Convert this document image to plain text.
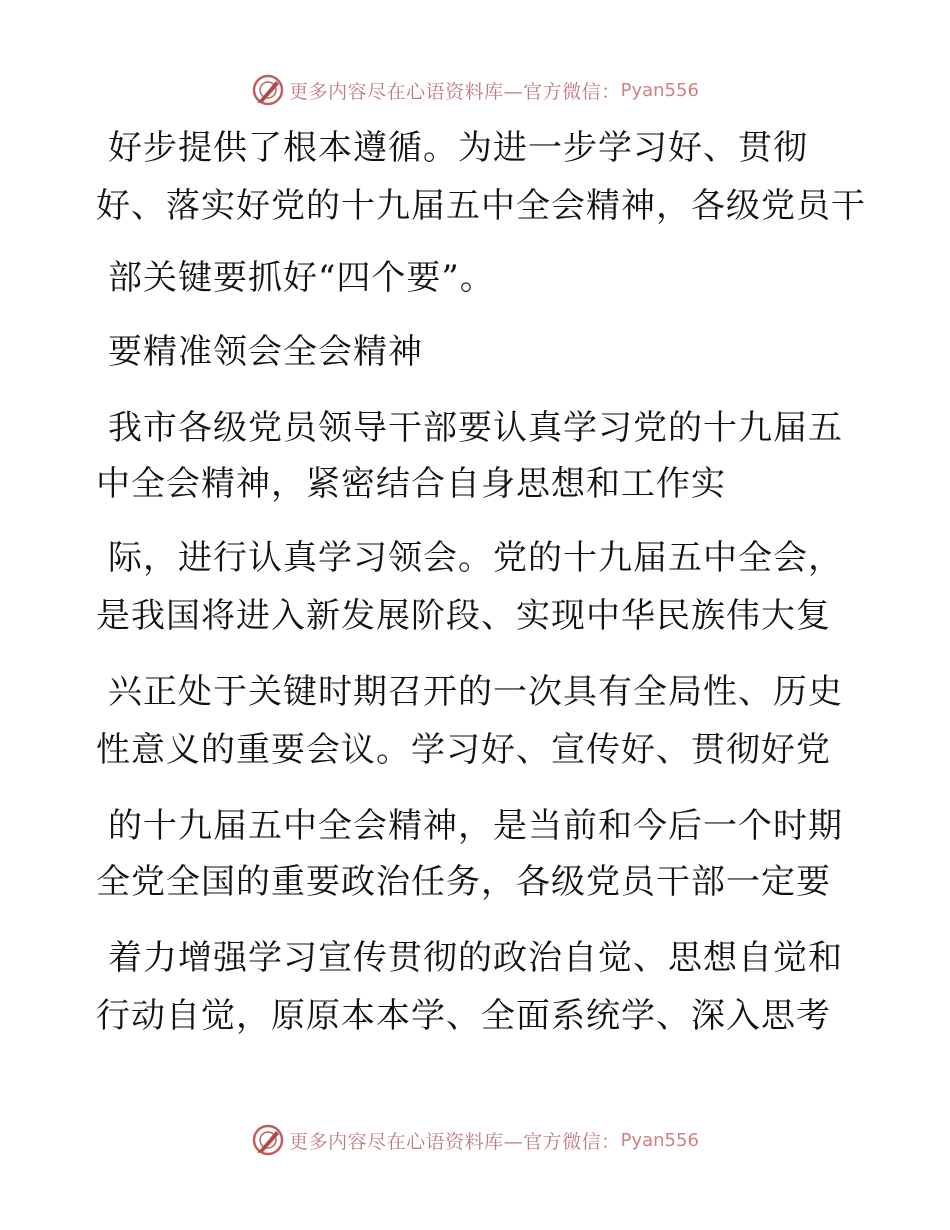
更多内容尽在心语资料库—官方微信： Pyan556
好步提供了根本遵循。为进一步学习好、贯彻
好、落实好党的十九届五中全会精神，各级党员干
部关键要抓好“四个要”。
要精准领会全会精神
我市各级党员领导干部要认真学习党的十九届五
中全会精神，紧密结合自身思想和工作实
际，进行认真学习领会。党的十九届五中全会，
是我国将进入新发展阶段、实现中华民族伟大复
兴正处于关键时期召开的一次具有全局性、历史
性意义的重要会议。学习好、宣传好、贯彻好党
的十九届五中全会精神，是当前和今后一个时期
全党全国的重要政治任务，各级党员干部一定要
着力增强学习宣传贯彻的政治自觉、思想自觉和
行动自觉，原原本本学、全面系统学、深入思考
更多内容尽在心语资料库—官方微信： Pyan556
